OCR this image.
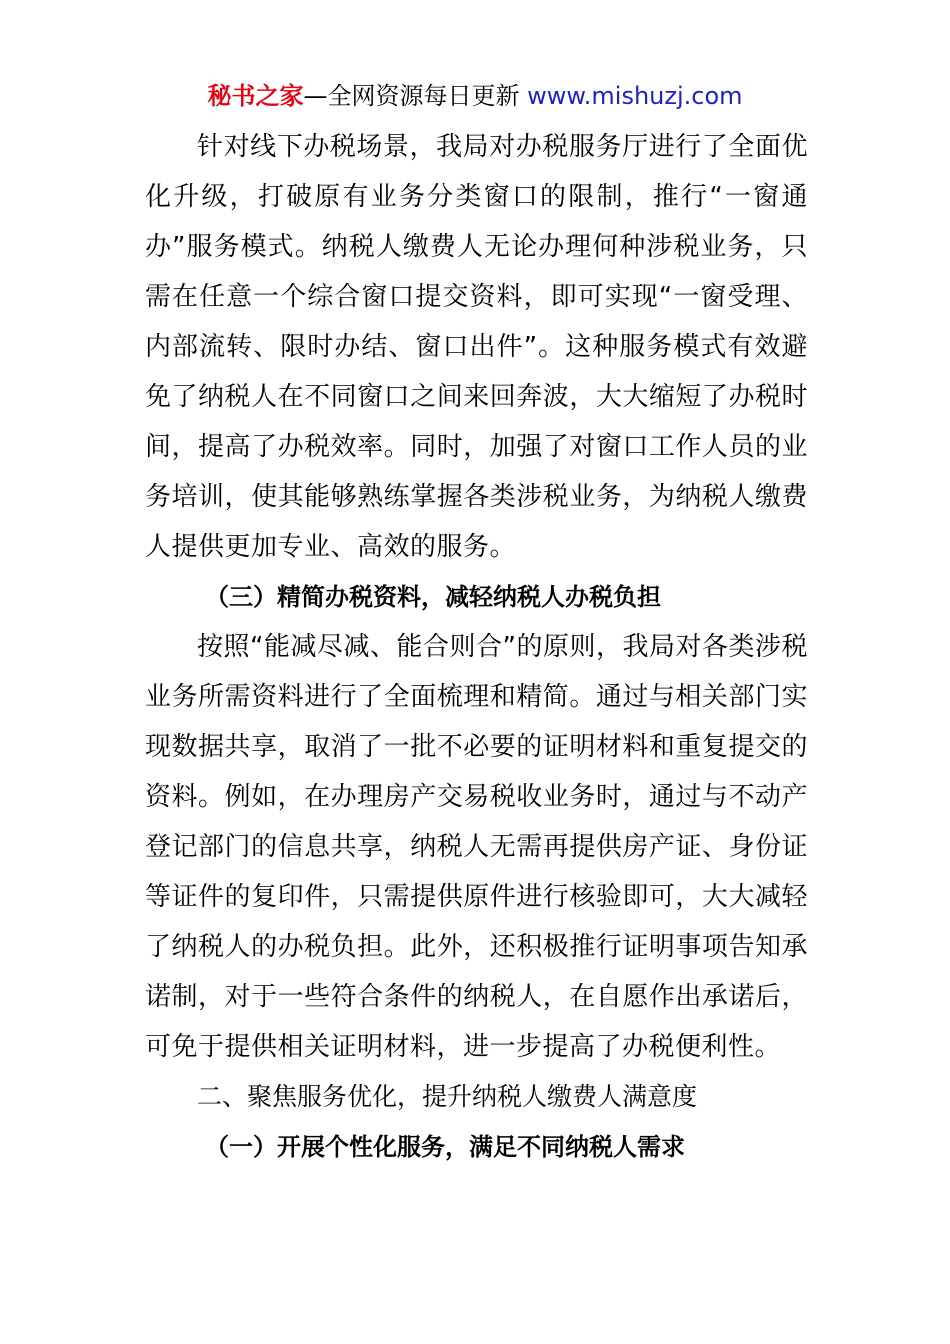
秘书之家—全网资源每日更新 www.mishuzj.com

针对线下办税场景，我局对办税服务厅进行了全面优化升级，打破原有业务分类窗口的限制，推行“一窗通办”服务模式。纳税人缴费人无论办理何种涉税业务，只需在任意一个综合窗口提交资料，即可实现“一窗受理、内部流转、限时办结、窗口出件”。这种服务模式有效避免了纳税人在不同窗口之间来回奔波，大大缩短了办税时间，提高了办税效率。同时，加强了对窗口工作人员的业务培训，使其能够熟练掌握各类涉税业务，为纳税人缴费人提供更加专业、高效的服务。

（三）精简办税资料，减轻纳税人办税负担

按照“能减尽减、能合则合”的原则，我局对各类涉税业务所需资料进行了全面梳理和精简。通过与相关部门实现数据共享，取消了一批不必要的证明材料和重复提交的资料。例如，在办理房产交易税收业务时，通过与不动产登记部门的信息共享，纳税人无需再提供房产证、身份证等证件的复印件，只需提供原件进行核验即可，大大减轻了纳税人的办税负担。此外，还积极推行证明事项告知承诺制，对于一些符合条件的纳税人，在自愿作出承诺后，可免于提供相关证明材料，进一步提高了办税便利性。

二、聚焦服务优化，提升纳税人缴费人满意度

（一）开展个性化服务，满足不同纳税人需求
